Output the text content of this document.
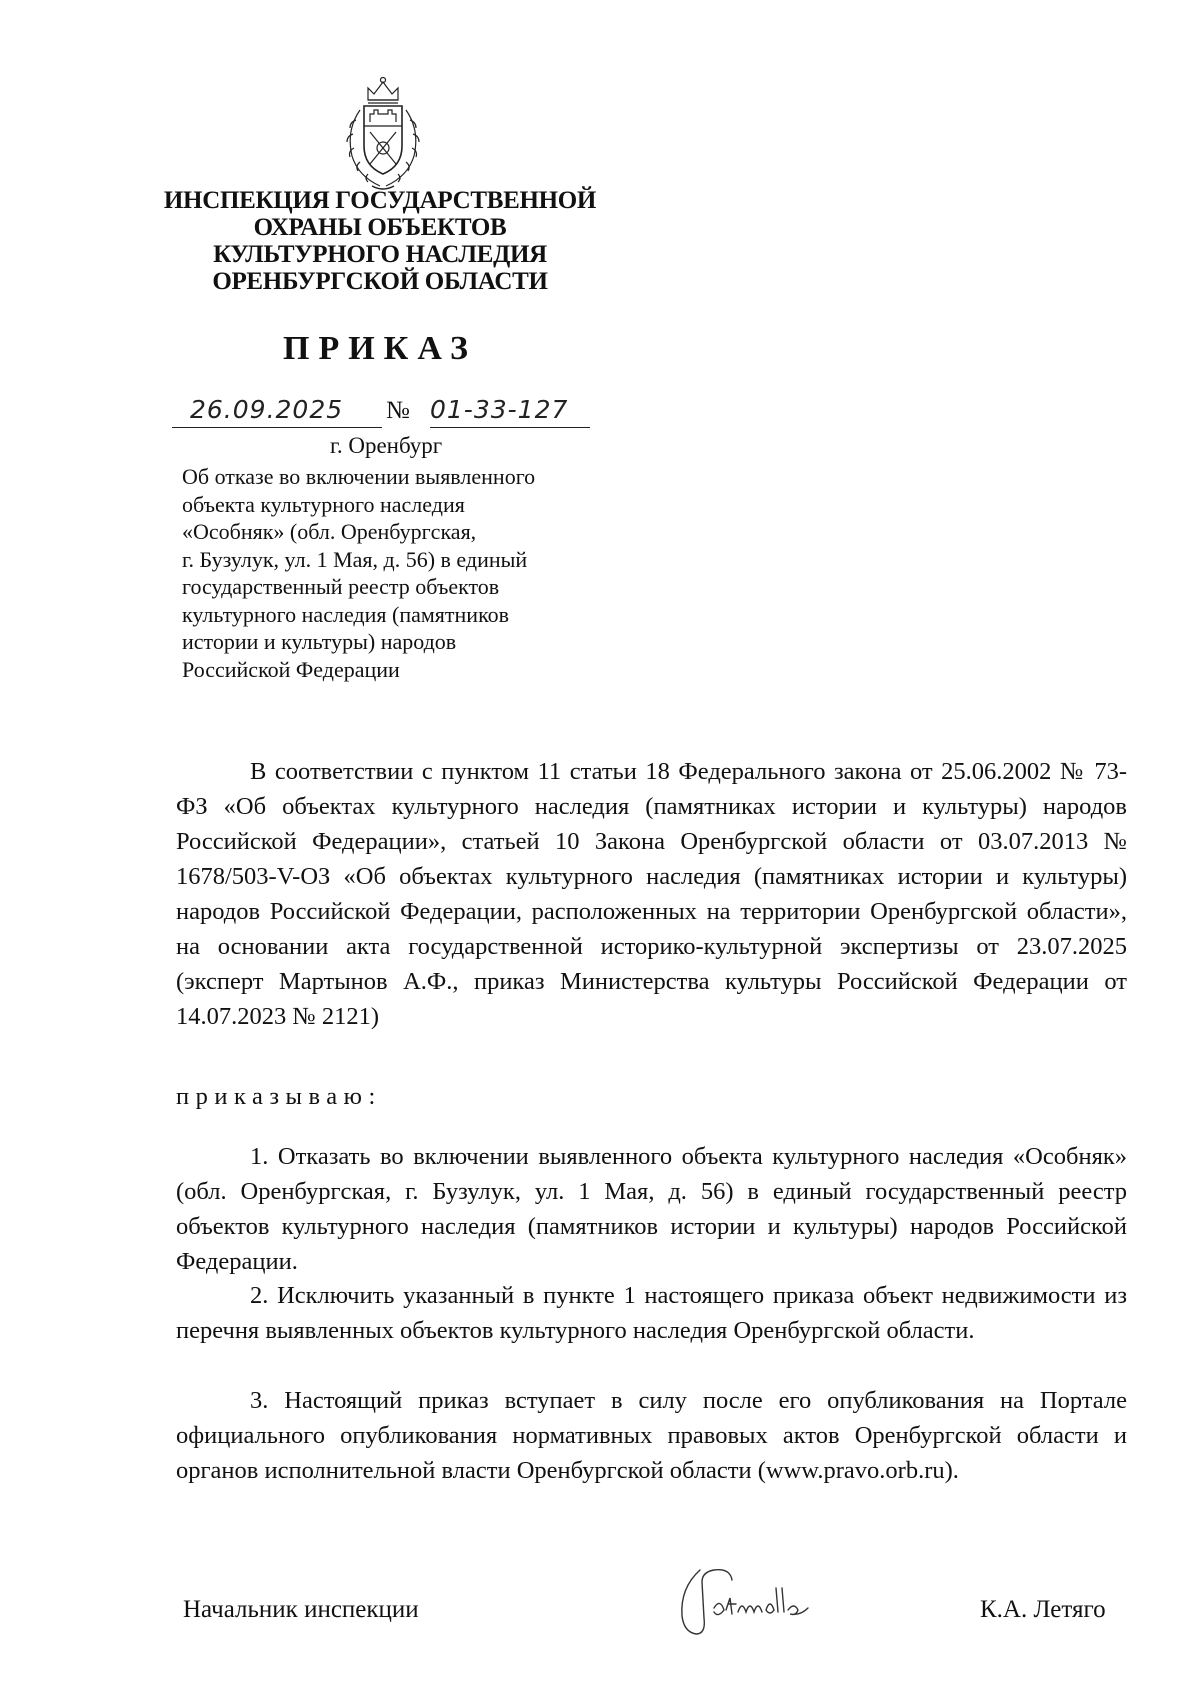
ИНСПЕКЦИЯ ГОСУДАРСТВЕННОЙ
ОХРАНЫ ОБЪЕКТОВ
КУЛЬТУРНОГО НАСЛЕДИЯ
ОРЕНБУРГСКОЙ ОБЛАСТИ
ПРИКАЗ
26.09.2025 № 01-33-127
г. Оренбург
Об отказе во включении выявленного
объекта культурного наследия
«Особняк» (обл. Оренбургская,
г. Бузулук, ул. 1 Мая, д. 56) в единый
государственный реестр объектов
культурного наследия (памятников
истории и культуры) народов
Российской Федерации
В соответствии с пунктом 11 статьи 18 Федерального закона от 25.06.2002 № 73-ФЗ «Об объектах культурного наследия (памятниках истории и культуры) народов Российской Федерации», статьей 10 Закона Оренбургской области от 03.07.2013 № 1678/503-V-ОЗ «Об объектах культурного наследия (памятниках истории и культуры) народов Российской Федерации, расположенных на территории Оренбургской области», на основании акта государственной историко-культурной экспертизы от 23.07.2025 (эксперт Мартынов А.Ф., приказ Министерства культуры Российской Федерации от 14.07.2023 № 2121)
приказываю:
1. Отказать во включении выявленного объекта культурного наследия «Особняк» (обл. Оренбургская, г. Бузулук, ул. 1 Мая, д. 56) в единый государственный реестр объектов культурного наследия (памятников истории и культуры) народов Российской Федерации.
2. Исключить указанный в пункте 1 настоящего приказа объект недвижимости из перечня выявленных объектов культурного наследия Оренбургской области.
3. Настоящий приказ вступает в силу после его опубликования на Портале официального опубликования нормативных правовых актов Оренбургской области и органов исполнительной власти Оренбургской области (www.pravo.orb.ru).
Начальник инспекции	К.А. Летяго
